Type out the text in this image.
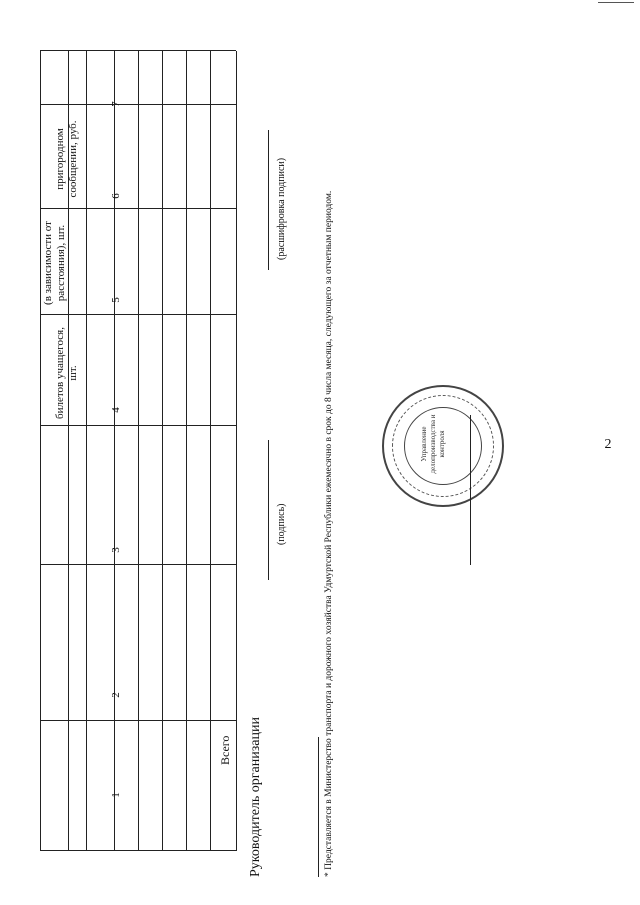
2
билетов учащегося, шт.
(в зависимости от расстояния), шт.
пригородном сообщении, руб.
1
2
3
4
5
6
7
Всего Руководитель организации
(подпись)
(расшифровка подписи)	* Представляется в Министерство транспорта и дорожного хозяйства Удмуртской Республики ежемесячно в срок до 8 числа месяца, следующего за отчетным периодом.	Управление делопроизводства и контроля
